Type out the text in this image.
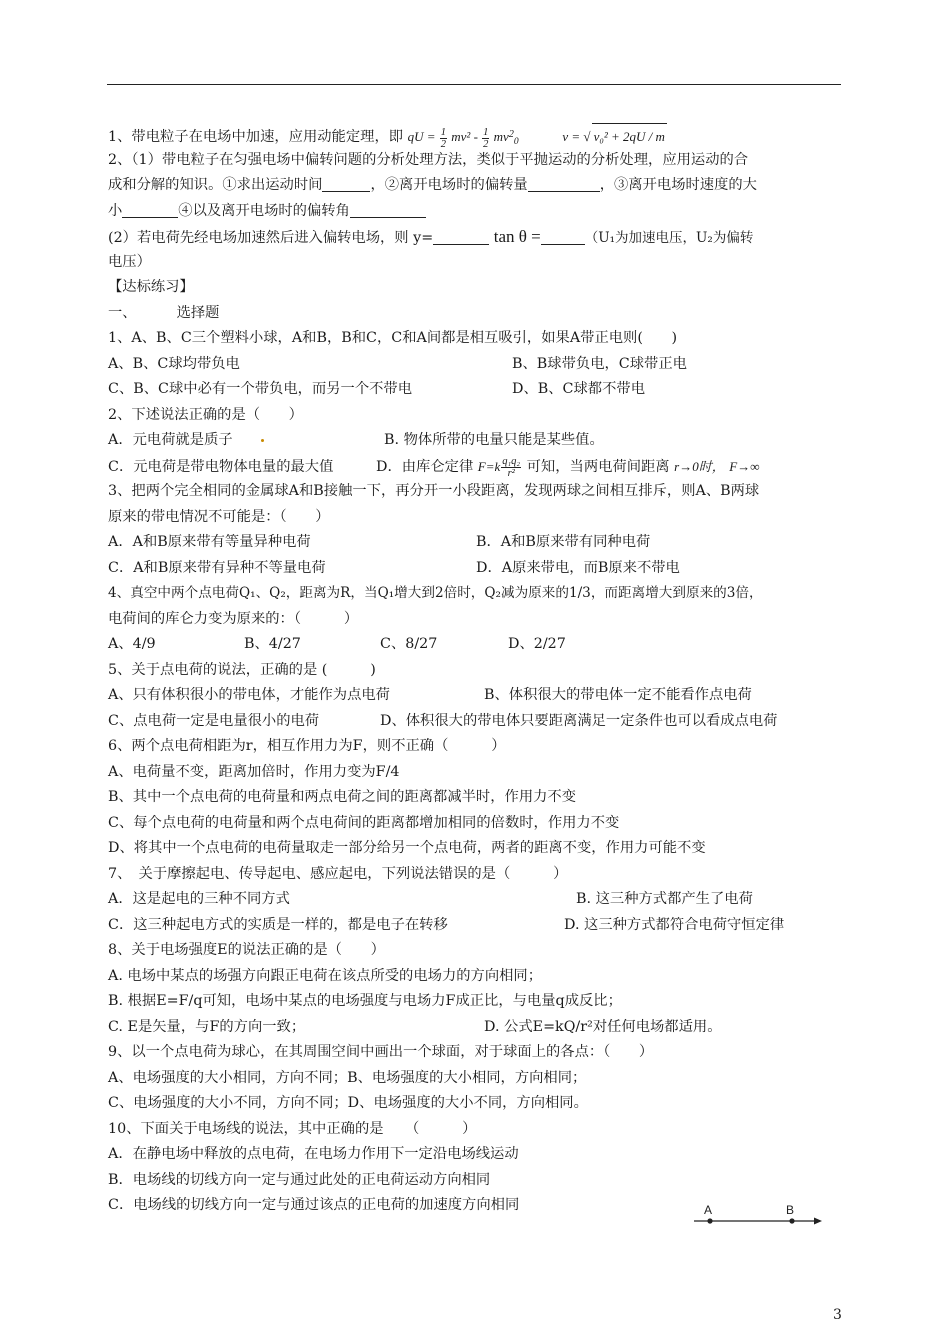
1、带电粒子在电场中加速，应用动能定理，即 qU = $\frac{1}{2} mv^2 - \frac{1}{2} mv^2_0$	v = √ v₀² + 2qU / m
2、（1）带电粒子在匀强电场中偏转问题的分析处理方法，类似于平抛运动的分析处理，应用运动的合
成和分解的知识。①求出运动时间	，②离开电场时的偏转量	，③离开电场时速度的大
小	④以及离开电场时的偏转角
(2）若电荷先经电场加速然后进入偏转电场，则 y=	tan θ =	（U₁为加速电压，U₂为偏转
电压）
【达标练习】
一、	选择题
1、A、B、C三个塑料小球，A和B，B和C，C和A间都是相互吸引，如果A带正电则(　　)
A、B、C球均带负电	B、B球带负电，C球带正电
C、B、C球中必有一个带负电，而另一个不带电	D、B、C球都不带电
2、下述说法正确的是（　　）
A．元电荷就是质子	B. 物体所带的电量只能是某些值。
C．元电荷是带电物体电量的最大值	D．由库仑定律 $F=k \frac{\text{q₁q₂}}{\text{r²}}$ 可知，当两电荷间距离 r→0时， F→∞
3、把两个完全相同的金属球A和B接触一下，再分开一小段距离，发现两球之间相互排斥，则A、B两球
原来的带电情况不可能是：（　　）
A．A和B原来带有等量异种电荷	B．A和B原来带有同种电荷
C．A和B原来带有异种不等量电荷	D．A原来带电，而B原来不带电
4、真空中两个点电荷Q₁、Q₂，距离为R，当Q₁增大到2倍时，Q₂减为原来的1/3，而距离增大到原来的3倍，
电荷间的库仑力变为原来的：（　　　）
A、4/9	B、4/27	C、8/27	D、2/27
5、关于点电荷的说法，正确的是 (　　　)
A、只有体积很小的带电体，才能作为点电荷	B、体积很大的带电体一定不能看作点电荷
C、点电荷一定是电量很小的电荷	D、体积很大的带电体只要距离满足一定条件也可以看成点电荷
6、两个点电荷相距为r，相互作用力为F，则不正确（　　　）
A、电荷量不变，距离加倍时，作用力变为F/4
B、其中一个点电荷的电荷量和两点电荷之间的距离都减半时，作用力不变
C、每个点电荷的电荷量和两个点电荷间的距离都增加相同的倍数时，作用力不变
D、将其中一个点电荷的电荷量取走一部分给另一个点电荷，两者的距离不变，作用力可能不变
7、　关于摩擦起电、传导起电、感应起电，下列说法错误的是（　　　）
A．这是起电的三种不同方式	B. 这三种方式都产生了电荷
C．这三种起电方式的实质是一样的，都是电子在转移	D. 这三种方式都符合电荷守恒定律
8、关于电场强度E的说法正确的是（　　）
A. 电场中某点的场强方向跟正电荷在该点所受的电场力的方向相同；
B. 根据E=F/q可知，电场中某点的电场强度与电场力F成正比，与电量q成反比；
C. E是矢量，与F的方向一致；	D. 公式E=kQ/r²对任何电场都适用。
9、以一个点电荷为球心，在其周围空间中画出一个球面，对于球面上的各点：（　　）
A、电场强度的大小相同，方向不同；B、电场强度的大小相同，方向相同；
C、电场强度的大小不同，方向不同；D、电场强度的大小不同，方向相同。
10、下面关于电场线的说法，其中正确的是　　（　　　）
A．在静电场中释放的点电荷，在电场力作用下一定沿电场线运动
B．电场线的切线方向一定与通过此处的正电荷运动方向相同
C．电场线的切线方向一定与通过该点的正电荷的加速度方向相同	A	B
3
